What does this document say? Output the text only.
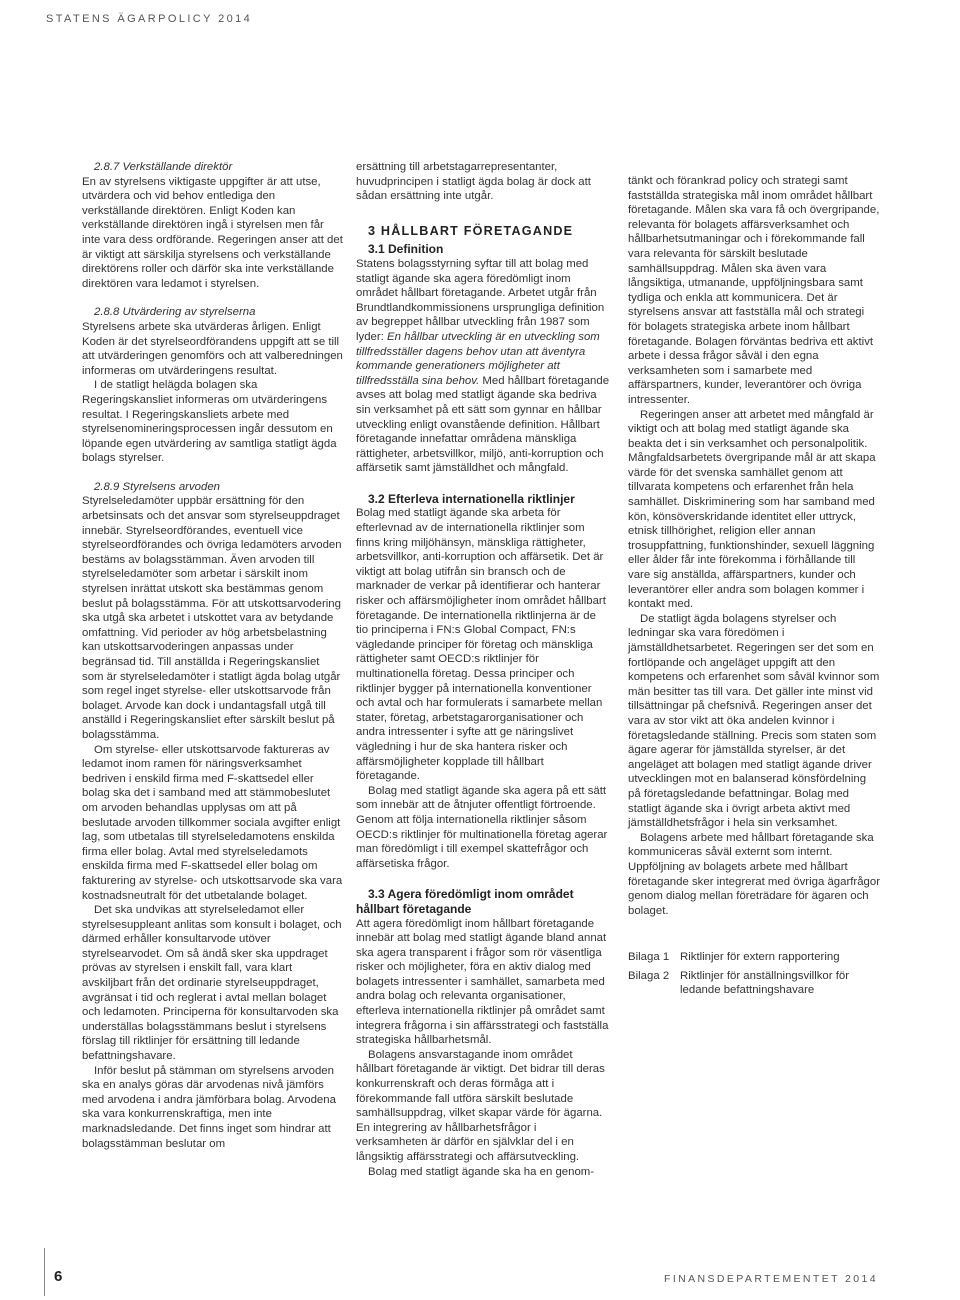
STATENS ÄGARPOLICY 2014

2.8.7 Verkställande direktör

En av styrelsens viktigaste uppgifter är att utse, utvärdera och vid behov entlediga den verkställande direktören. Enligt Koden kan verkställande direktören ingå i styrelsen men får inte vara dess ordförande. Regeringen anser att det är viktigt att särskilja styrelsens och verkställande direktörens roller och därför ska inte verkställande direktören vara ledamot i styrelsen.

2.8.8 Utvärdering av styrelserna

Styrelsens arbete ska utvärderas årligen. Enligt Koden är det styrelseordförandens uppgift att se till att utvärderingen genomförs och att valberedningen informeras om utvärderingens resultat.

I de statligt helägda bolagen ska Regeringskansliet informeras om utvärderingens resultat. I Regeringskansliets arbete med styrelsenomineringsprocessen ingår dessutom en löpande egen utvärdering av samtliga statligt ägda bolags styrelser.

2.8.9 Styrelsens arvoden

Styrelseledamöter uppbär ersättning för den arbetsinsats och det ansvar som styrelseuppdraget innebär. Styrelseordförandes, eventuell vice styrelseordförandes och övriga ledamöters arvoden bestäms av bolagsstämman. Även arvoden till styrelseledamöter som arbetar i särskilt inom styrelsen inrättat utskott ska bestämmas genom beslut på bolagsstämma. För att utskottsarvodering ska utgå ska arbetet i utskottet vara av betydande omfattning. Vid perioder av hög arbetsbelastning kan utskottsarvoderingen anpassas under begränsad tid. Till anställda i Regeringskansliet som är styrelseledamöter i statligt ägda bolag utgår som regel inget styrelse- eller utskottsarvode från bolaget. Arvode kan dock i undantagsfall utgå till anställd i Regeringskansliet efter särskilt beslut på bolagsstämma.

Om styrelse- eller utskottsarvode faktureras av ledamot inom ramen för näringsverksamhet bedriven i enskild firma med F-skattsedel eller bolag ska det i samband med att stämmobeslutet om arvoden behandlas upplysas om att på beslutade arvoden tillkommer sociala avgifter enligt lag, som utbetalas till styrelseledamotens enskilda firma eller bolag. Avtal med styrelseledamots enskilda firma med F-skattsedel eller bolag om fakturering av styrelse- och utskottsarvode ska vara kostnadsneutralt för det utbetalande bolaget.

Det ska undvikas att styrelseledamot eller styrelsesuppleant anlitas som konsult i bolaget, och därmed erhåller konsultarvode utöver styrelsearvodet. Om så ändå sker ska uppdraget prövas av styrelsen i enskilt fall, vara klart avskiljbart från det ordinarie styrelseuppdraget, avgränsat i tid och reglerat i avtal mellan bolaget och ledamoten. Principerna för konsultarvoden ska underställas bolagsstämmans beslut i styrelsens förslag till riktlinjer för ersättning till ledande befattningshavare.

Inför beslut på stämman om styrelsens arvoden ska en analys göras där arvodenas nivå jämförs med arvodena i andra jämförbara bolag. Arvodena ska vara konkurrenskraftiga, men inte marknadsledande. Det finns inget som hindrar att bolagsstämman beslutar om

ersättning till arbetstagarrepresentanter, huvudprincipen i statligt ägda bolag är dock att sådan ersättning inte utgår.

3 HÅLLBART FÖRETAGANDE

3.1 Definition

Statens bolagsstyrning syftar till att bolag med statligt ägande ska agera föredömligt inom området hållbart företagande. Arbetet utgår från Brundtlandkommissionens ursprungliga definition av begreppet hållbar utveckling från 1987 som lyder: En hållbar utveckling är en utveckling som tillfredsställer dagens behov utan att äventyra kommande generationers möjligheter att tillfredsställa sina behov. Med hållbart företagande avses att bolag med statligt ägande ska bedriva sin verksamhet på ett sätt som gynnar en hållbar utveckling enligt ovanstående definition. Hållbart företagande innefattar områdena mänskliga rättigheter, arbetsvillkor, miljö, anti-korruption och affärsetik samt jämställdhet och mångfald.

3.2 Efterleva internationella riktlinjer

Bolag med statligt ägande ska arbeta för efterlevnad av de internationella riktlinjer som finns kring miljöhänsyn, mänskliga rättigheter, arbetsvillkor, anti-korruption och affärsetik. Det är viktigt att bolag utifrån sin bransch och de marknader de verkar på identifierar och hanterar risker och affärsmöjligheter inom området hållbart företagande. De internationella riktlinjerna är de tio principerna i FN:s Global Compact, FN:s vägledande principer för företag och mänskliga rättigheter samt OECD:s riktlinjer för multinationella företag. Dessa principer och riktlinjer bygger på internationella konventioner och avtal och har formulerats i samarbete mellan stater, företag, arbetstagarorganisationer och andra intressenter i syfte att ge näringslivet vägledning i hur de ska hantera risker och affärsmöjligheter kopplade till hållbart företagande.

Bolag med statligt ägande ska agera på ett sätt som innebär att de åtnjuter offentligt förtroende. Genom att följa internationella riktlinjer såsom OECD:s riktlinjer för multinationella företag agerar man föredömligt i till exempel skattefrågor och affärsetiska frågor.

3.3 Agera föredömligt inom området hållbart företagande

Att agera föredömligt inom hållbart företagande innebär att bolag med statligt ägande bland annat ska agera transparent i frågor som rör väsentliga risker och möjligheter, föra en aktiv dialog med bolagets intressenter i samhället, samarbeta med andra bolag och relevanta organisationer, efterleva internationella riktlinjer på området samt integrera frågorna i sin affärsstrategi och fastställa strategiska hållbarhetsmål.

Bolagens ansvarstagande inom området hållbart företagande är viktigt. Det bidrar till deras konkurrenskraft och deras förmåga att i förekommande fall utföra särskilt beslutade samhällsuppdrag, vilket skapar värde för ägarna. En integrering av hållbarhetsfrågor i verksamheten är därför en självklar del i en långsiktig affärsstrategi och affärsutveckling.

Bolag med statligt ägande ska ha en genom-

tänkt och förankrad policy och strategi samt fastställda strategiska mål inom området hållbart företagande. Målen ska vara få och övergripande, relevanta för bolagets affärsverksamhet och hållbarhetsutmaningar och i förekommande fall vara relevanta för särskilt beslutade samhällsuppdrag. Målen ska även vara långsiktiga, utmanande, uppföljningsbara samt tydliga och enkla att kommunicera. Det är styrelsens ansvar att fastställa mål och strategi för bolagets strategiska arbete inom hållbart företagande. Bolagen förväntas bedriva ett aktivt arbete i dessa frågor såväl i den egna verksamheten som i samarbete med affärspartners, kunder, leverantörer och övriga intressenter.

Regeringen anser att arbetet med mångfald är viktigt och att bolag med statligt ägande ska beakta det i sin verksamhet och personalpolitik. Mångfaldsarbetets övergripande mål är att skapa värde för det svenska samhället genom att tillvarata kompetens och erfarenhet från hela samhället. Diskriminering som har samband med kön, könsöverskridande identitet eller uttryck, etnisk tillhörighet, religion eller annan trosuppfattning, funktionshinder, sexuell läggning eller ålder får inte förekomma i förhållande till vare sig anställda, affärspartners, kunder och leverantörer eller andra som bolagen kommer i kontakt med.

De statligt ägda bolagens styrelser och ledningar ska vara föredömen i jämställdhetsarbetet. Regeringen ser det som en fortlöpande och angeläget uppgift att den kompetens och erfarenhet som såväl kvinnor som män besitter tas till vara. Det gäller inte minst vid tillsättningar på chefsnivå. Regeringen anser det vara av stor vikt att öka andelen kvinnor i företagsledande ställning. Precis som staten som ägare agerar för jämställda styrelser, är det angeläget att bolagen med statligt ägande driver utvecklingen mot en balanserad könsfördelning på företagsledande befattningar. Bolag med statligt ägande ska i övrigt arbeta aktivt med jämställdhetsfrågor i hela sin verksamhet.

Bolagens arbete med hållbart företagande ska kommuniceras såväl externt som internt. Uppföljning av bolagets arbete med hållbart företagande sker integrerat med övriga ägarfrågor genom dialog mellan företrädare för ägaren och bolaget.

Bilaga 1 Riktlinjer för extern rapportering
Bilaga 2 Riktlinjer för anställningsvillkor för ledande befattningshavare
6	FINANSDEPARTEMENTET 2014
